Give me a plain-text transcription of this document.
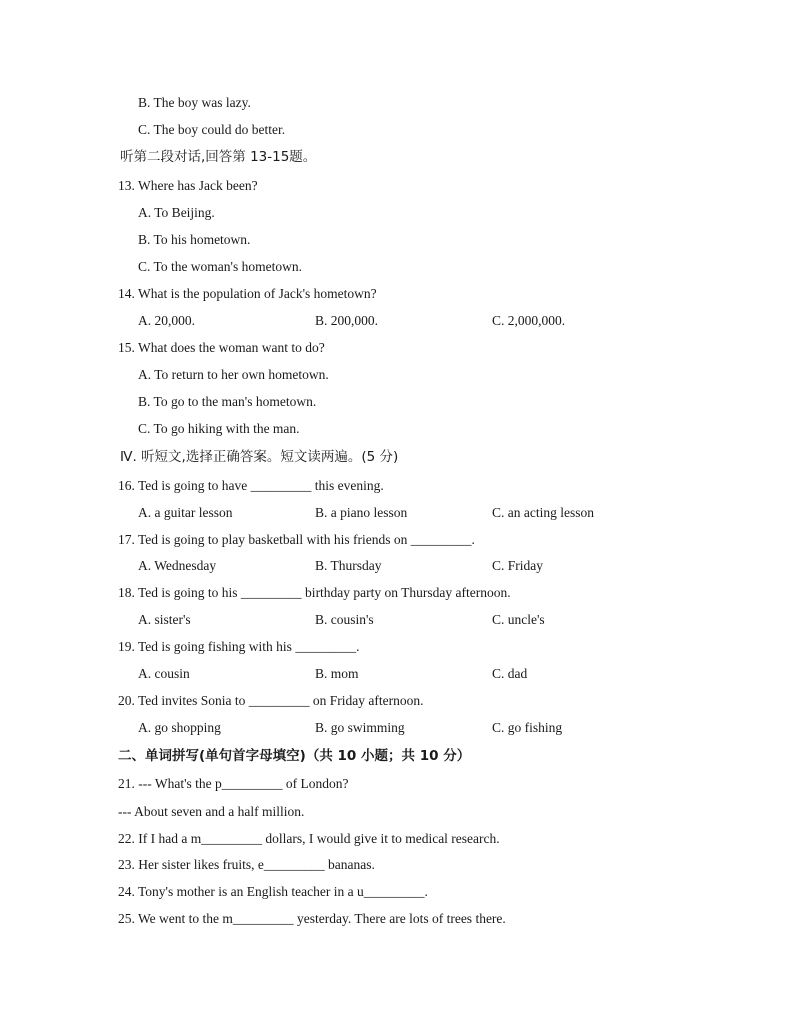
B. The boy was lazy.
C. The boy could do better.
听第二段对话,回答第 13-15题。
13. Where has Jack been?
A. To Beijing.
B. To his hometown.
C. To the woman's hometown.
14. What is the population of Jack's hometown?
A. 20,000.	B. 200,000.	C. 2,000,000.
15. What does the woman want to do?
A. To return to her own hometown.
B. To go to the man's hometown.
C. To go hiking with the man.
Ⅳ. 听短文,选择正确答案。短文读两遍。(5 分)
16. Ted is going to have _________ this evening.
A. a guitar lesson	B. a piano lesson	C. an acting lesson
17. Ted is going to play basketball with his friends on _________.
A. Wednesday	B. Thursday	C. Friday
18. Ted is going to his _________ birthday party on Thursday afternoon.
A. sister's	B. cousin's	C. uncle's
19. Ted is going fishing with his _________.
A. cousin	B. mom	C. dad
20. Ted invites Sonia to _________ on Friday afternoon.
A. go shopping	B. go swimming	C. go fishing
二、单词拼写(单句首字母填空)（共 10 小题；共 10 分）
21. --- What's the p_________ of London?
--- About seven and a half million.
22. If I had a m_________ dollars, I would give it to medical research.
23. Her sister likes fruits, e_________ bananas.
24. Tony's mother is an English teacher in a u_________.
25. We went to the m_________ yesterday. There are lots of trees there.
